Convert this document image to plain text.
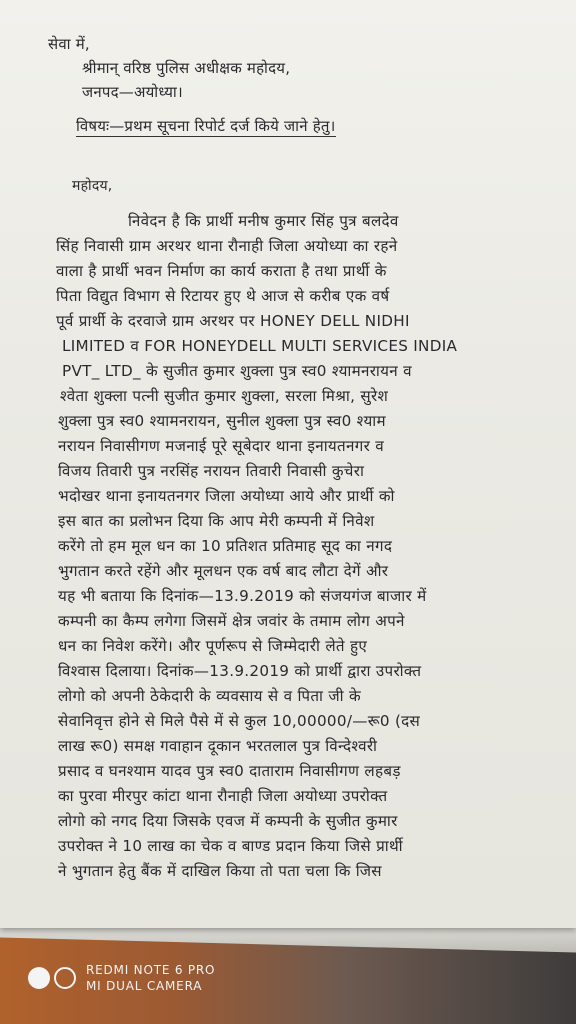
सेवा में,
श्रीमान् वरिष्ठ पुलिस अधीक्षक महोदय,
जनपद—अयोध्या।
विषयः—प्रथम सूचना रिपोर्ट दर्ज किये जाने हेतु।
महोदय,
निवेदन है कि प्रार्थी मनीष कुमार सिंह पुत्र बलदेव
सिंह निवासी ग्राम अरथर थाना रौनाही जिला अयोध्या का रहने
वाला है प्रार्थी भवन निर्माण का कार्य कराता है तथा प्रार्थी के
पिता विद्युत विभाग से रिटायर हुए थे आज से करीब एक वर्ष
पूर्व प्रार्थी के दरवाजे ग्राम अरथर पर HONEY DELL NIDHI
LIMITED व FOR HONEYDELL MULTI SERVICES INDIA
PVT_ LTD_ के सुजीत कुमार शुक्ला पुत्र स्व0 श्यामनरायन व
श्वेता शुक्ला पत्नी सुजीत कुमार शुक्ला, सरला मिश्रा, सुरेश
शुक्ला पुत्र स्व0 श्यामनरायन, सुनील शुक्ला पुत्र स्व0 श्याम
नरायन निवासीगण मजनाई पूरे सूबेदार थाना इनायतनगर व
विजय तिवारी पुत्र नरसिंह नरायन तिवारी निवासी कुचेरा
भदोखर थाना इनायतनगर जिला अयोध्या आये और प्रार्थी को
इस बात का प्रलोभन दिया कि आप मेरी कम्पनी में निवेश
करेंगे तो हम मूल धन का 10 प्रतिशत प्रतिमाह सूद का नगद
भुगतान करते रहेंगे और मूलधन एक वर्ष बाद लौटा देगें और
यह भी बताया कि दिनांक—13.9.2019 को संजयगंज बाजार में
कम्पनी का कैम्प लगेगा जिसमें क्षेत्र जवांर के तमाम लोग अपने
धन का निवेश करेंगे। और पूर्णरूप से जिम्मेदारी लेते हुए
विश्वास दिलाया। दिनांक—13.9.2019 को प्रार्थी द्वारा उपरोक्त
लोगो को अपनी ठेकेदारी के व्यवसाय से व पिता जी के
सेवानिवृत्त होने से मिले पैसे में से कुल 10,00000/—रू0 (दस
लाख रू0) समक्ष गवाहान दूकान भरतलाल पुत्र विन्देश्वरी
प्रसाद व घनश्याम यादव पुत्र स्व0 दाताराम निवासीगण लहबड़
का पुरवा मीरपुर कांटा थाना रौनाही जिला अयोध्या उपरोक्त
लोगो को नगद दिया जिसके एवज में कम्पनी के सुजीत कुमार
उपरोक्त ने 10 लाख का चेक व बाण्ड प्रदान किया जिसे प्रार्थी
ने भुगतान हेतु बैंक में दाखिल किया तो पता चला कि जिस
REDMI NOTE 6 PRO
MI DUAL CAMERA
